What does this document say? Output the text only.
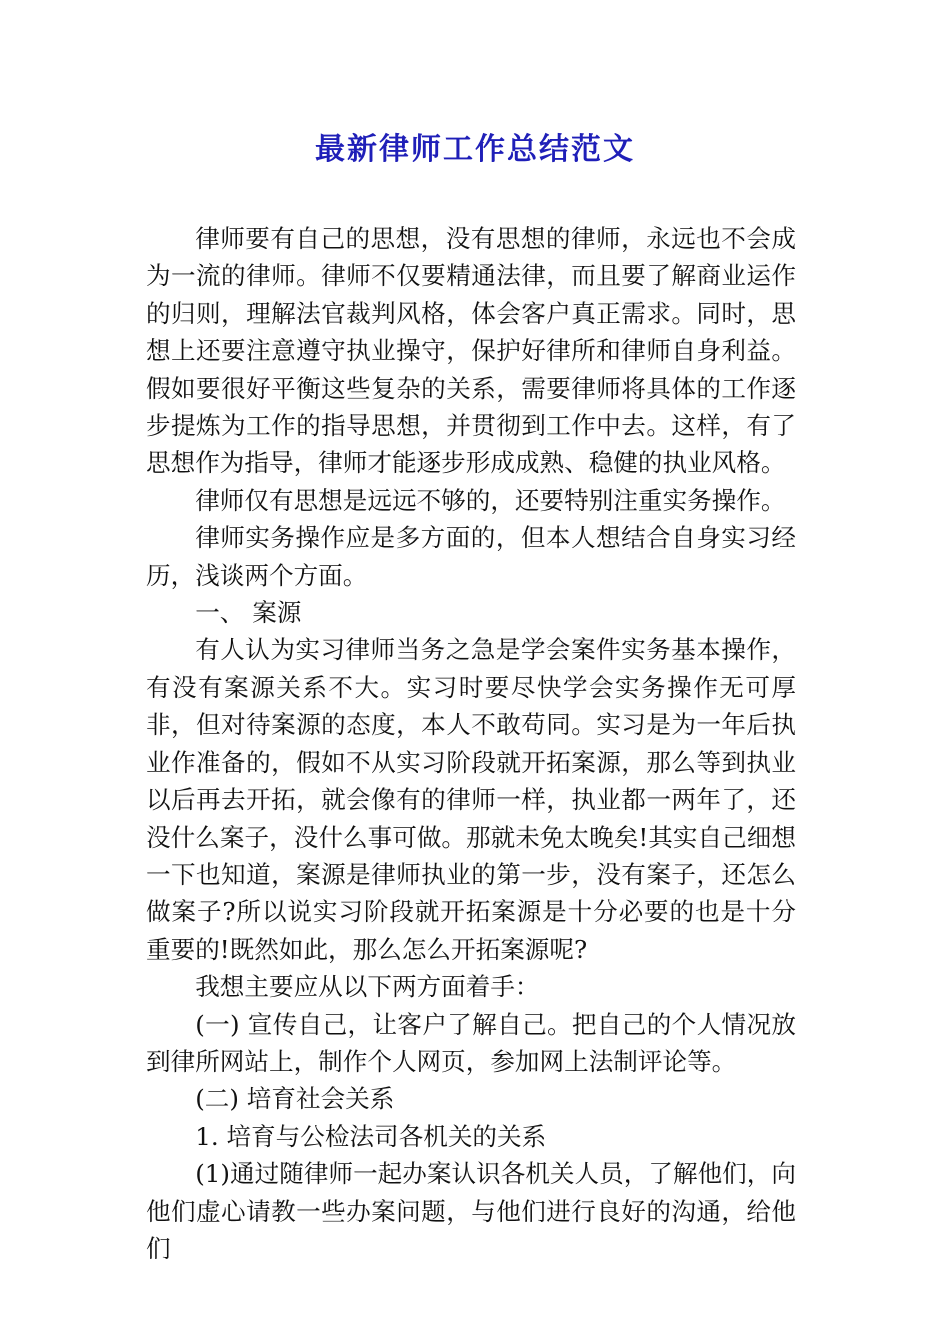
最新律师工作总结范文

律师要有自己的思想，没有思想的律师，永远也不会成为一流的律师。律师不仅要精通法律，而且要了解商业运作的归则，理解法官裁判风格，体会客户真正需求。同时，思想上还要注意遵守执业操守，保护好律所和律师自身利益。假如要很好平衡这些复杂的关系，需要律师将具体的工作逐步提炼为工作的指导思想，并贯彻到工作中去。这样，有了思想作为指导，律师才能逐步形成成熟、稳健的执业风格。

律师仅有思想是远远不够的，还要特别注重实务操作。

律师实务操作应是多方面的，但本人想结合自身实习经历，浅谈两个方面。

一、 案源

有人认为实习律师当务之急是学会案件实务基本操作，有没有案源关系不大。实习时要尽快学会实务操作无可厚非，但对待案源的态度，本人不敢苟同。实习是为一年后执业作准备的，假如不从实习阶段就开拓案源，那么等到执业以后再去开拓，就会像有的律师一样，执业都一两年了，还没什么案子，没什么事可做。那就未免太晚矣!其实自己细想一下也知道，案源是律师执业的第一步，没有案子，还怎么做案子?所以说实习阶段就开拓案源是十分必要的也是十分重要的!既然如此，那么怎么开拓案源呢?

我想主要应从以下两方面着手：

(一) 宣传自己，让客户了解自己。把自己的个人情况放到律所网站上，制作个人网页，参加网上法制评论等。

(二) 培育社会关系

1. 培育与公检法司各机关的关系

(1)通过随律师一起办案认识各机关人员，了解他们，向他们虚心请教一些办案问题，与他们进行良好的沟通，给他们
